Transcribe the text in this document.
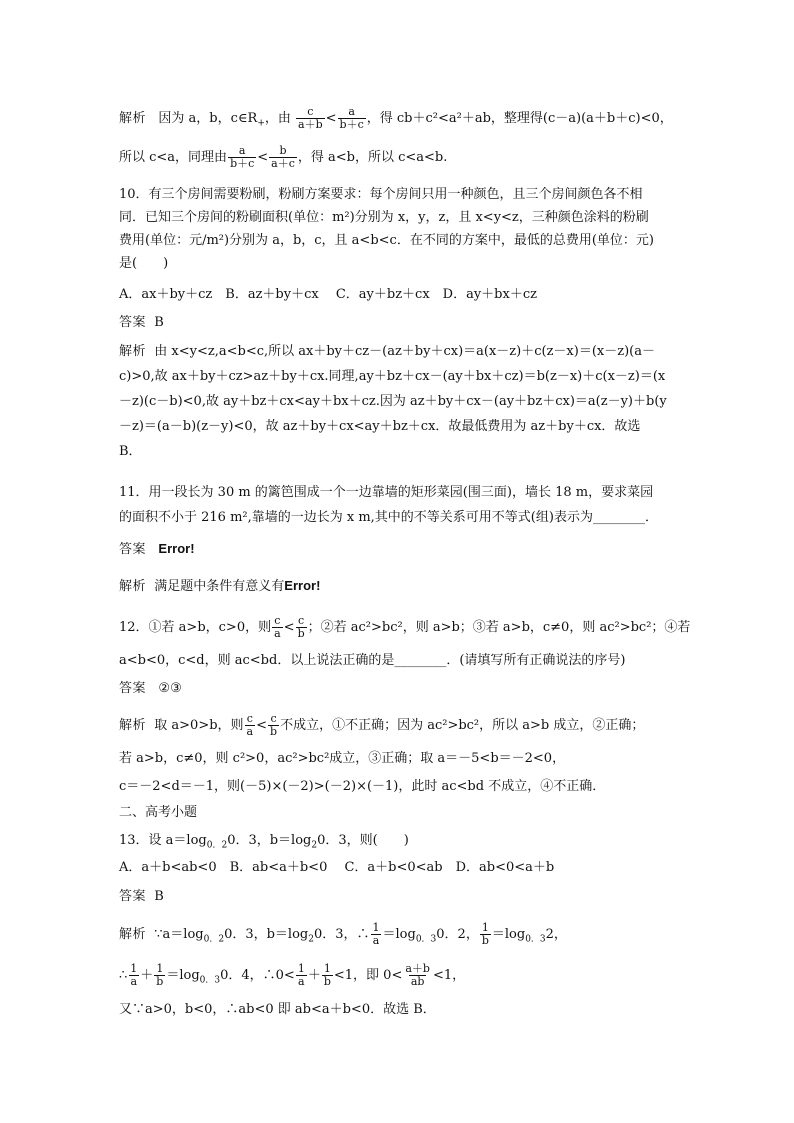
解析 因为 a，b，$c\in R_+$，由 $\frac{c}{a+b} < \frac{a}{b+c}$ ，得 cb＋c²<a²＋ab，整理得(c－a)(a＋b＋c)<0，
所以 c<a，同理由 $\frac{a}{b+c} < \frac{b}{a+c}$ ，得 a<b，所以 c<a<b.
10．有三个房间需要粉刷，粉刷方案要求：每个房间只用一种颜色，且三个房间颜色各不相
同．已知三个房间的粉刷面积(单位：m²)分别为 x，y，z，且 x<y<z，三种颜色涂料的粉刷
费用(单位：元/m²)分别为 a，b，c，且 a<b<c．在不同的方案中，最低的总费用(单位：元)
是(　　)
A．ax＋by＋cz　B．az＋by＋cx　 C．ay＋bz＋cx　D．ay＋bx＋cz
答案 B
解析 由 x<y<z,a<b<c,所以 ax＋by＋cz－(az＋by＋cx)＝a(x－z)＋c(z－x)＝(x－z)(a－
c)>0,故 ax＋by＋cz>az＋by＋cx.同理,ay＋bz＋cx－(ay＋bx＋cz)＝b(z－x)＋c(x－z)＝(x
－z)(c－b)<0,故 ay＋bz＋cx<ay＋bx＋cz.因为 az＋by＋cx－(ay＋bz＋cx)＝a(z－y)＋b(y
－z)＝(a－b)(z－y)<0，故 az＋by＋cx<ay＋bz＋cx．故最低费用为 az＋by＋cx．故选
B．
11．用一段长为 30 m 的篱笆围成一个一边靠墙的矩形菜园(围三面)，墙长 18 m，要求菜园
的面积不小于 216 m²,靠墙的一边长为 x m,其中的不等关系可用不等式(组)表示为________．
答案 Error!
解析 满足题中条件有意义有Error!
12．①若 a>b，c>0，则 $\frac{c}{a} < \frac{c}{b}$ ；②若 ac²>bc²，则 a>b；③若 a>b，c≠0，则 ac²>bc²；④若
a<b<0，c<d，则 ac<bd．以上说法正确的是________．(请填写所有正确说法的序号)
答案 ②③
解析 取 a>0>b，则 $\frac{c}{a} < \frac{c}{b}$ 不成立，①不正确；因为 ac²>bc²，所以 a>b 成立，②正确；
若 a>b，c≠0，则 c²>0，ac²>bc²成立，③正确；取 a＝－5<b＝－2<0，
c＝－2<d＝－1，则(－5)×(－2)>(－2)×(－1)，此时 ac<bd 不成立，④不正确．
二、高考小题
13．设 $a=\log_{0.2}0$．3，$b=\log_20$．3，则(　　)
A．a＋b<ab<0　B．ab<a＋b<0　 C．a＋b<0<ab　D．ab<0<a＋b
答案 B
解析 $\because a=\log_{0.2}0$．3，$b=\log_20$．3，∴ $\frac{1}{a} =\log_{0.3}0$．2， $\frac{1}{b} =\log_{0.3}2$，
∴ $\frac{1}{a} + \frac{1}{b} =\log_{0.3}0$．4，∴0< $\frac{1}{a} + \frac{1}{b} <1$，即 $0< \frac{a+b}{ab} <1$，
又∵a>0，b<0，∴ab<0 即 ab<a＋b<0．故选 B．
